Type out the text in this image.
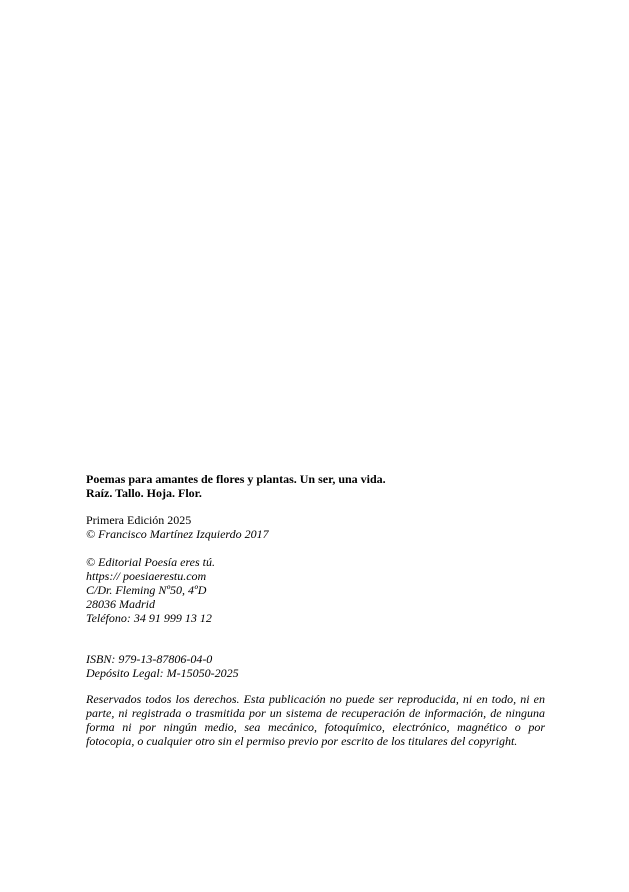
Poemas para amantes de flores y plantas. Un ser, una vida.
Raíz. Tallo. Hoja. Flor.
Primera Edición 2025
© Francisco Martínez Izquierdo 2017
© Editorial Poesía eres tú.
https:// poesiaerestu.com
C/Dr. Fleming Nº50, 4ºD
28036 Madrid
Teléfono: 34 91 999 13 12
ISBN: 979-13-87806-04-0
Depósito Legal: M-15050-2025
Reservados todos los derechos. Esta publicación no puede ser reproducida, ni en todo, ni en parte, ni registrada o trasmitida por un sistema de recuperación de información, de ninguna forma ni por ningún medio, sea mecánico, fotoquímico, electrónico, magnético o por fotocopia, o cualquier otro sin el permiso previo por escrito de los titulares del copyright.
